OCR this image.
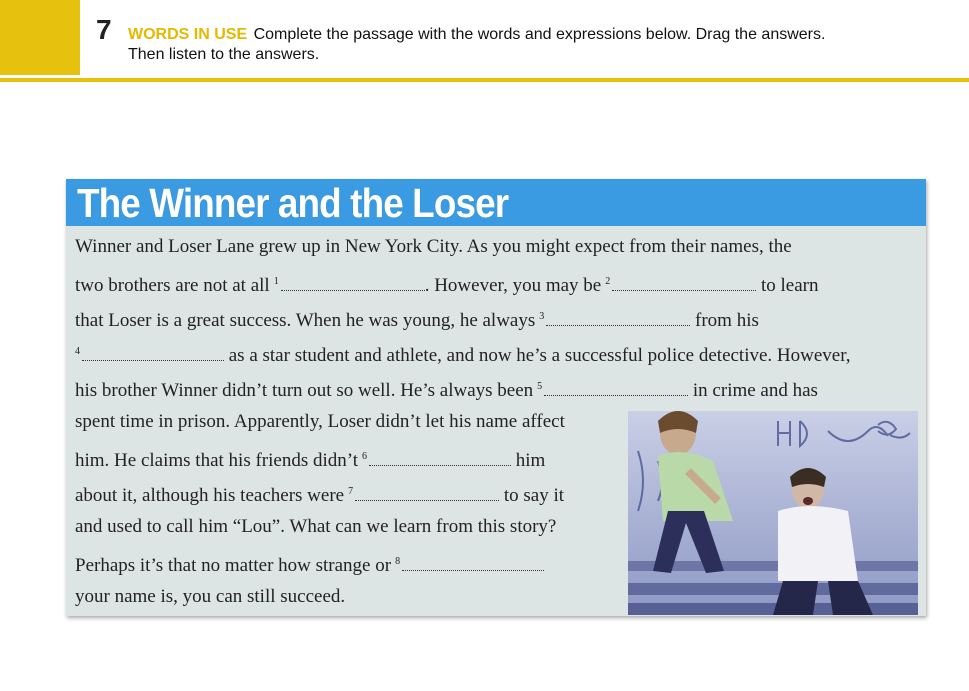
7 WORDS IN USE Complete the passage with the words and expressions below. Drag the answers.
Then listen to the answers.
The Winner and the Loser
Winner and Loser Lane grew up in New York City. As you might expect from their names, the
two brothers are not at all $^1$	. However, you may be $^2$	to learn
that Loser is a great success. When he was young, he always $^3$	from his
$^4$	as a star student and athlete, and now he’s a successful police detective. However,
his brother Winner didn’t turn out so well. He’s always been $^5$	in crime and has
spent time in prison. Apparently, Loser didn’t let his name affect
him. He claims that his friends didn’t $^6$	him
about it, although his teachers were $^7$	to say it
and used to call him “Lou”. What can we learn from this story?
Perhaps it’s that no matter how strange or $^8$
your name is, you can still succeed.
